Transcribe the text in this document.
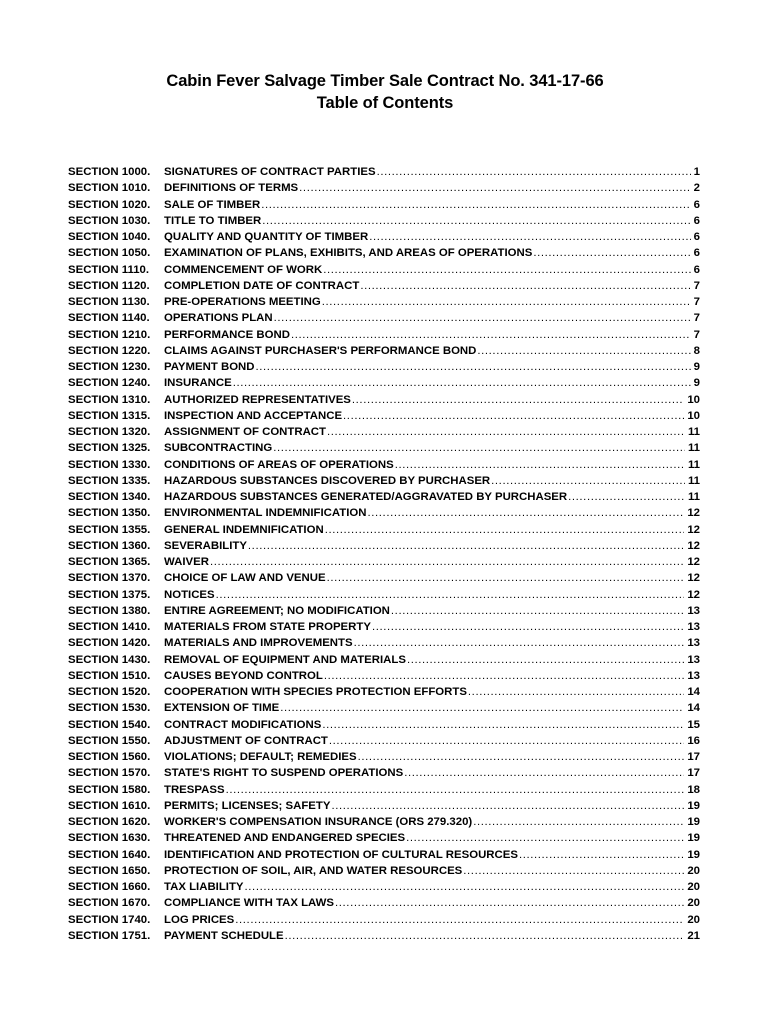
Cabin Fever Salvage Timber Sale Contract No. 341-17-66
Table of Contents
SECTION 1000.	SIGNATURES OF CONTRACT PARTIES .....	1
SECTION 1010.	DEFINITIONS OF TERMS .....	2
SECTION 1020.	SALE OF TIMBER .....	6
SECTION 1030.	TITLE TO TIMBER .....	6
SECTION 1040.	QUALITY AND QUANTITY OF TIMBER .....	6
SECTION 1050.	EXAMINATION OF PLANS, EXHIBITS, AND AREAS OF OPERATIONS .....	6
SECTION 1110.	COMMENCEMENT OF WORK .....	6
SECTION 1120.	COMPLETION DATE OF CONTRACT .....	7
SECTION 1130.	PRE-OPERATIONS MEETING .....	7
SECTION 1140.	OPERATIONS PLAN .....	7
SECTION 1210.	PERFORMANCE BOND .....	7
SECTION 1220.	CLAIMS AGAINST PURCHASER'S PERFORMANCE BOND .....	8
SECTION 1230.	PAYMENT BOND .....	9
SECTION 1240.	INSURANCE .....	9
SECTION 1310.	AUTHORIZED REPRESENTATIVES .....	10
SECTION 1315.	INSPECTION AND ACCEPTANCE .....	10
SECTION 1320.	ASSIGNMENT OF CONTRACT .....	11
SECTION 1325.	SUBCONTRACTING .....	11
SECTION 1330.	CONDITIONS OF AREAS OF OPERATIONS .....	11
SECTION 1335.	HAZARDOUS SUBSTANCES DISCOVERED BY PURCHASER .....	11
SECTION 1340.	HAZARDOUS SUBSTANCES GENERATED/AGGRAVATED BY PURCHASER .....	11
SECTION 1350.	ENVIRONMENTAL INDEMNIFICATION .....	12
SECTION 1355.	GENERAL INDEMNIFICATION .....	12
SECTION 1360.	SEVERABILITY .....	12
SECTION 1365.	WAIVER .....	12
SECTION 1370.	CHOICE OF LAW AND VENUE .....	12
SECTION 1375.	NOTICES .....	12
SECTION 1380.	ENTIRE AGREEMENT; NO MODIFICATION .....	13
SECTION 1410.	MATERIALS FROM STATE PROPERTY .....	13
SECTION 1420.	MATERIALS AND IMPROVEMENTS .....	13
SECTION 1430.	REMOVAL OF EQUIPMENT AND MATERIALS .....	13
SECTION 1510.	CAUSES BEYOND CONTROL .....	13
SECTION 1520.	COOPERATION WITH SPECIES PROTECTION EFFORTS .....	14
SECTION 1530.	EXTENSION OF TIME .....	14
SECTION 1540.	CONTRACT MODIFICATIONS .....	15
SECTION 1550.	ADJUSTMENT OF CONTRACT .....	16
SECTION 1560.	VIOLATIONS; DEFAULT; REMEDIES .....	17
SECTION 1570.	STATE'S RIGHT TO SUSPEND OPERATIONS .....	17
SECTION 1580.	TRESPASS .....	18
SECTION 1610.	PERMITS; LICENSES; SAFETY .....	19
SECTION 1620.	WORKER'S COMPENSATION INSURANCE (ORS 279.320) .....	19
SECTION 1630.	THREATENED AND ENDANGERED SPECIES .....	19
SECTION 1640.	IDENTIFICATION AND PROTECTION OF CULTURAL RESOURCES .....	19
SECTION 1650.	PROTECTION OF SOIL, AIR, AND WATER RESOURCES .....	20
SECTION 1660.	TAX LIABILITY .....	20
SECTION 1670.	COMPLIANCE WITH TAX LAWS .....	20
SECTION 1740.	LOG PRICES .....	20
SECTION 1751.	PAYMENT SCHEDULE .....	21
